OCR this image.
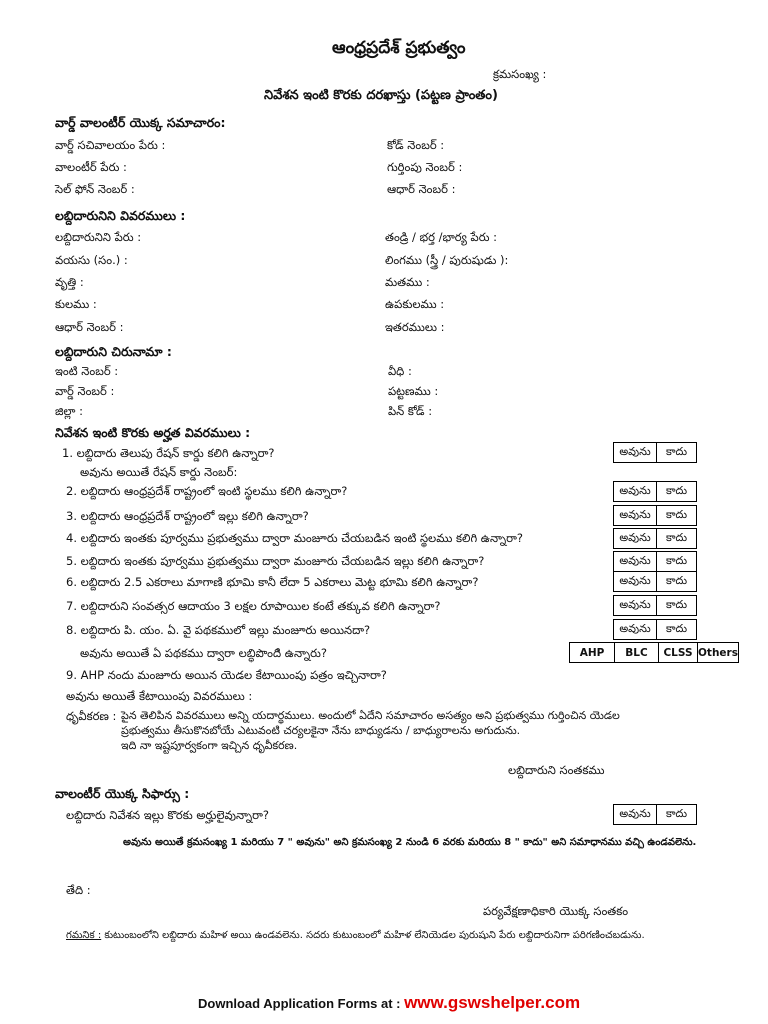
ఆంధ్రప్రదేశ్ ప్రభుత్వం
క్రమసంఖ్య :
నివేశన ఇంటి కొరకు దరఖాస్తు (పట్టణ ప్రాంతం)
వార్డ్ వాలంటీర్ యొక్క సమాచారం:
వార్డ్ సచివాలయం పేరు :	కోడ్ నెంబర్ :
వాలంటీర్ పేరు :	గుర్తింపు నెంబర్ :
సెల్ ఫోన్ నెంబర్ :	ఆధార్ నెంబర్ :
లబ్దిదారునిని వివరములు :
లబ్దిదారునిని పేరు :	తండ్రి / భర్త /భార్య పేరు :
వయసు (సం.) :	లింగము (స్త్రీ / పురుషుడు ):
వృత్తి :	మతము :
కులము :	ఉపకులము :
ఆధార్ నెంబర్ :	ఇతరములు :
లబ్దిదారుని చిరునామా :
ఇంటి నెంబర్ :	వీధి :
వార్డ్ నెంబర్ :	పట్టణము :
జిల్లా :	పిన్ కోడ్ :
నివేశన ఇంటి కొరకు అర్హత వివరములు :
1. లబ్దిదారు తెలుపు రేషన్ కార్డు కలిగి ఉన్నారా?	అవును	కాదు
అవును అయితే రేషన్ కార్డు నెంబర్:
2. లబ్దిదారు ఆంధ్రప్రదేశ్ రాష్ట్రంలో ఇంటి స్థలము కలిగి ఉన్నారా?	అవును	కాదు
3. లబ్దిదారు ఆంధ్రప్రదేశ్ రాష్ట్రంలో ఇల్లు కలిగి ఉన్నారా?	అవును	కాదు
4. లబ్దిదారు ఇంతకు పూర్వము ప్రభుత్వము ద్వారా మంజూరు చేయబడిన ఇంటి స్థలము కలిగి ఉన్నారా?	అవును	కాదు
5. లబ్దిదారు ఇంతకు పూర్వము ప్రభుత్వము ద్వారా మంజూరు చేయబడిన ఇల్లు కలిగి ఉన్నారా?	అవును	కాదు
6. లబ్దిదారు 2.5 ఎకరాలు మాగాణి భూమి కానీ లేదా 5 ఎకరాలు మెట్ట భూమి కలిగి ఉన్నారా?	అవును	కాదు
7. లబ్దిదారుని సంవత్సర ఆదాయం 3 లక్షల రూపాయిల కంటే తక్కువ కలిగి ఉన్నారా?	అవును	కాదు
8. లబ్దిదారు పి. యం. ఏ. వై పథకములో ఇల్లు మంజూరు అయినదా?	అవును	కాదు
అవును అయితే ఏ పథకము ద్వారా లబ్ధిపొందిి ఉన్నారు?	AHP	BLC	CLSS Others
9. AHP నందు మంజూరు అయిన యెడల కేటాయింపు పత్రం ఇచ్చినారా?
అవును అయితే కేటాయింపు వివరములు :
ధృవీకరణ : పైన తెలిపిన వివరములు అన్ని యదార్థములు. అందులో ఏదేని సమాచారం అసత్యం అని ప్రభుత్వము గుర్తించిన యెడల
ప్రభుత్వము తీసుకొనబోయే ఎటువంటి చర్యలకైనా నేను బాధ్యుడను / బాధ్యురాలను అగుదును.
ఇది నా ఇష్టపూర్వకంగా ఇచ్చిన ధృవీకరణ.
లబ్దిదారుని సంతకము
వాలంటీర్ యొక్క సిఫార్సు :
లబ్దిదారు నివేశన ఇల్లు కొరకు అర్హులైవున్నారా?	అవును	కాదు
అవును అయితే క్రమసంఖ్య 1 మరియు 7 " అవును" అని క్రమసంఖ్య 2 నుండి 6 వరకు మరియు 8 " కాదు" అని సమాధానము వచ్చి ఉండవలెను.
తేది :
పర్యవేక్షణాధికారి యొక్క సంతకం
గమనిక : కుటుంబంలోని లబ్దిదారు మహిళ అయి ఉండవలెను. సదరు కుటుంబంలో మహిళ లేనియెడల పురుషుని పేరు లబ్దిదారునిగా పరిగణించబడును.
Download Application Forms at : www.gswshelper.com
